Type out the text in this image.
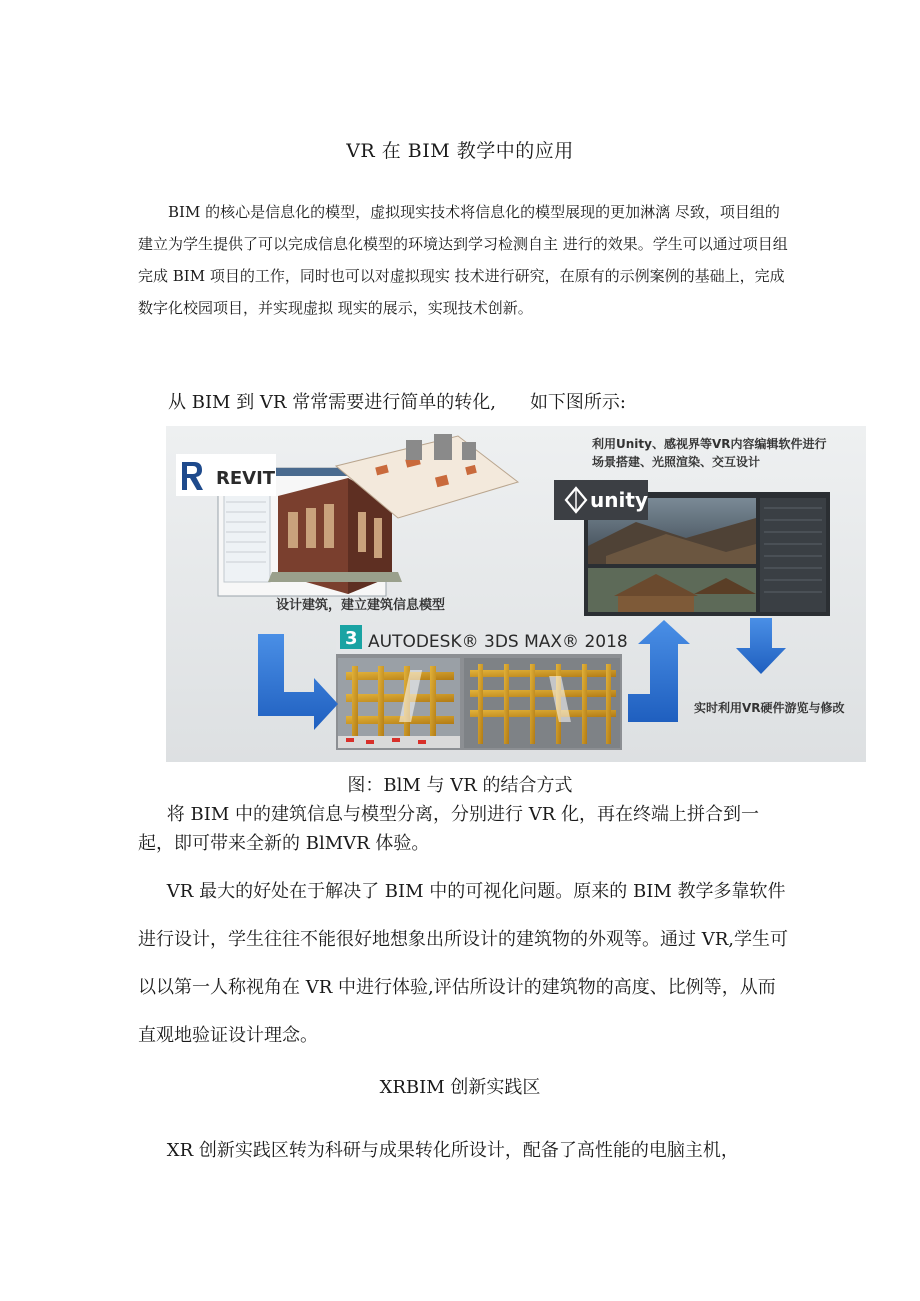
VR 在 BIM 教学中的应用

BIM 的核心是信息化的模型，虚拟现实技术将信息化的模型展现的更加淋漓 尽致，项目组的建立为学生提供了可以完成信息化模型的环境达到学习检测自主 进行的效果。学生可以通过项目组完成 BIM 项目的工作，同时也可以对虚拟现实 技术进行研究，在原有的示例案例的基础上，完成数字化校园项目，并实现虚拟 现实的展示，实现技术创新。

从 BIM 到 VR 常常需要进行简单的转化, 如下图所示:
REVIT
设计建筑，建立建筑信息模型
利用Unity、感视界等VR内容编辑软件进行
场景搭建、光照渲染、交互设计
unity
3 AUTODESK® 3DS MAX® 2018
实时利用VR硬件游览与修改
图：BlM 与 VR 的结合方式

将 BIM 中的建筑信息与模型分离，分别进行 VR 化，再在终端上拼合到一起，即可带来全新的 BlMVR 体验。

VR 最大的好处在于解决了 BIM 中的可视化问题。原来的 BIM 教学多靠软件进行设计，学生往往不能很好地想象出所设计的建筑物的外观等。通过 VR,学生可以以第一人称视角在 VR 中进行体验,评估所设计的建筑物的高度、比例等，从而直观地验证设计理念。

XRBIM 创新实践区

XR 创新实践区转为科研与成果转化所设计，配备了高性能的电脑主机，
